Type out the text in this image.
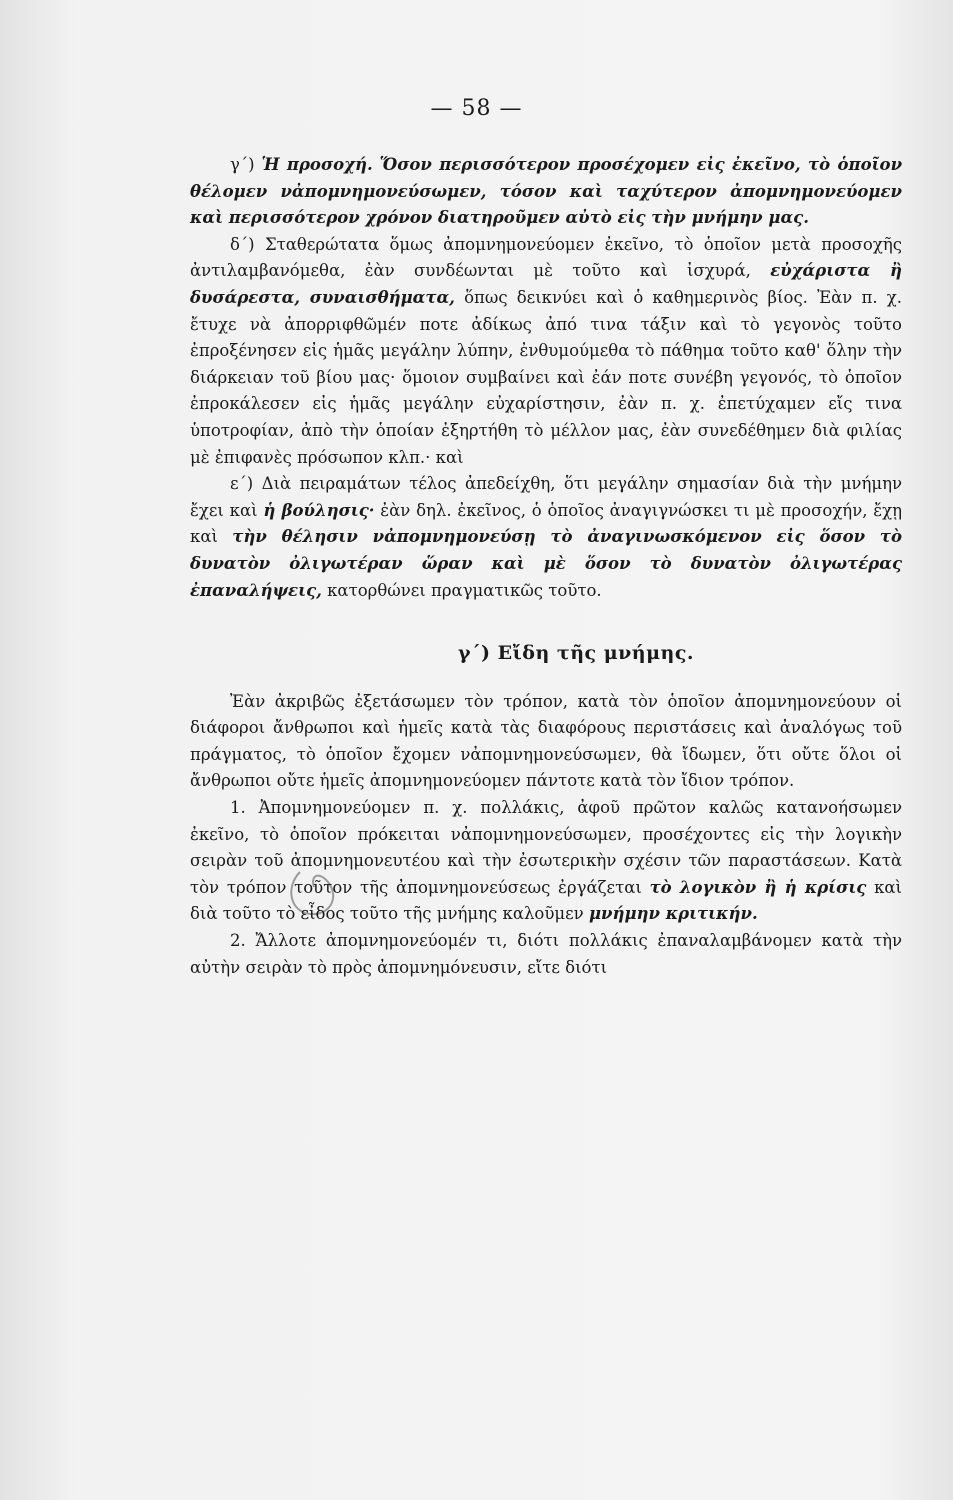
— 58 —

γ΄) Ἡ προσοχή. Ὅσον περισσότερον προσέχομεν εἰς ἐκεῖνο, τὸ ὁποῖον θέλομεν νἀπομνημονεύσωμεν, τόσον καὶ ταχύτερον ἀπομνημονεύομεν καὶ περισσότερον χρόνον διατηροῦμεν αὐτὸ εἰς τὴν μνήμην μας.

δ΄) Σταθερώτατα ὅμως ἀπομνημονεύομεν ἐκεῖνο, τὸ ὁποῖον μετὰ προσοχῆς ἀντιλαμβανόμεθα, ἐὰν συνδέωνται μὲ τοῦτο καὶ ἰσχυρά, εὐχάριστα ἢ δυσάρεστα, συναισθήματα, ὅπως δεικνύει καὶ ὁ καθημερινὸς βίος. Ἐὰν π. χ. ἔτυχε νὰ ἀπορριφθῶμέν ποτε ἀδίκως ἀπό τινα τάξιν καὶ τὸ γεγονὸς τοῦτο ἐπροξένησεν εἰς ἡμᾶς μεγάλην λύπην, ἐνθυμούμεθα τὸ πάθημα τοῦτο καθ' ὅλην τὴν διάρκειαν τοῦ βίου μας· ὅμοιον συμβαίνει καὶ ἐάν ποτε συνέβη γεγονός, τὸ ὁποῖον ἐπροκάλεσεν εἰς ἡμᾶς μεγάλην εὐχαρίστησιν, ἐὰν π. χ. ἐπετύχαμεν εἴς τινα ὑποτροφίαν, ἀπὸ τὴν ὁποίαν ἐξηρτήθη τὸ μέλλον μας, ἐὰν συνεδέθημεν διὰ φιλίας μὲ ἐπιφανὲς πρόσωπον κλπ.· καὶ

ε΄) Διὰ πειραμάτων τέλος ἀπεδείχθη, ὅτι μεγάλην σημασίαν διὰ τὴν μνήμην ἔχει καὶ ἡ βούλησις· ἐὰν δηλ. ἐκεῖνος, ὁ ὁποῖος ἀναγιγνώσκει τι μὲ προσοχήν, ἔχῃ καὶ τὴν θέλησιν νἀπομνημονεύσῃ τὸ ἀναγινωσκόμενον εἰς ὅσον τὸ δυνατὸν ὀλιγωτέραν ὥραν καὶ μὲ ὅσον τὸ δυνατὸν ὀλιγωτέρας ἐπαναλήψεις, κατορθώνει πραγματικῶς τοῦτο.

γ΄) Εἴδη τῆς μνήμης.

Ἐὰν ἀκριβῶς ἐξετάσωμεν τὸν τρόπον, κατὰ τὸν ὁποῖον ἀπομνημονεύουν οἱ διάφοροι ἄνθρωποι καὶ ἡμεῖς κατὰ τὰς διαφόρους περιστάσεις καὶ ἀναλόγως τοῦ πράγματος, τὸ ὁποῖον ἔχομεν νἀπομνημονεύσωμεν, θὰ ἴδωμεν, ὅτι οὔτε ὅλοι οἱ ἄνθρωποι οὔτε ἡμεῖς ἀπομνημονεύομεν πάντοτε κατὰ τὸν ἴδιον τρόπον.

1. Ἀπομνημονεύομεν π. χ. πολλάκις, ἀφοῦ πρῶτον καλῶς κατανοήσωμεν ἐκεῖνο, τὸ ὁποῖον πρόκειται νἀπομνημονεύσωμεν, προσέχοντες εἰς τὴν λογικὴν σειρὰν τοῦ ἀπομνημονευτέου καὶ τὴν ἐσωτερικὴν σχέσιν τῶν παραστάσεων. Κατὰ τὸν τρόπον τοῦτον τῆς ἀπομνημονεύσεως ἐργάζεται τὸ λογικὸν ἢ ἡ κρίσις καὶ διὰ τοῦτο τὸ εἶδος τοῦτο τῆς μνήμης καλοῦμεν μνήμην κριτικήν.

2. Ἄλλοτε ἀπομνημονεύομέν τι, διότι πολλάκις ἐπαναλαμβάνομεν κατὰ τὴν αὐτὴν σειρὰν τὸ πρὸς ἀπομνημόνευσιν, εἴτε διότι
